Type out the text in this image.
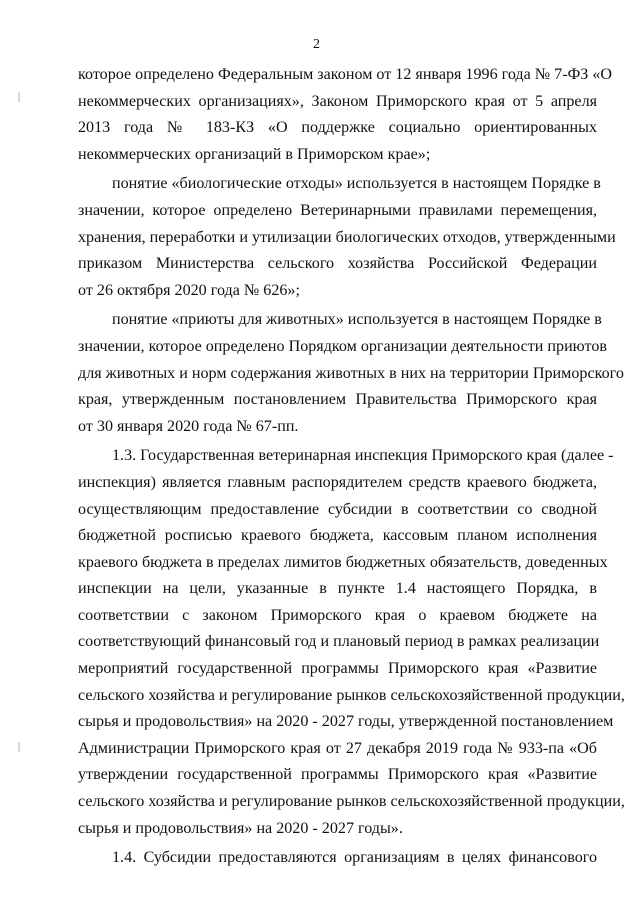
2
которое определено Федеральным законом от 12 января 1996 года № 7-ФЗ «О
некоммерческих организациях», Законом Приморского края от 5 апреля
2013 года № 183-КЗ «О поддержке социально ориентированных
некоммерческих организаций в Приморском крае»;
понятие «биологические отходы» используется в настоящем Порядке в
значении, которое определено Ветеринарными правилами перемещения,
хранения, переработки и утилизации биологических отходов, утвержденными
приказом Министерства сельского хозяйства Российской Федерации
от 26 октября 2020 года № 626»;
понятие «приюты для животных» используется в настоящем Порядке в
значении, которое определено Порядком организации деятельности приютов
для животных и норм содержания животных в них на территории Приморского
края, утвержденным постановлением Правительства Приморского края
от 30 января 2020 года № 67-пп.
1.3. Государственная ветеринарная инспекция Приморского края (далее -
инспекция) является главным распорядителем средств краевого бюджета,
осуществляющим предоставление субсидии в соответствии со сводной
бюджетной росписью краевого бюджета, кассовым планом исполнения
краевого бюджета в пределах лимитов бюджетных обязательств, доведенных
инспекции на цели, указанные в пункте 1.4 настоящего Порядка, в
соответствии с законом Приморского края о краевом бюджете на
соответствующий финансовый год и плановый период в рамках реализации
мероприятий государственной программы Приморского края «Развитие
сельского хозяйства и регулирование рынков сельскохозяйственной продукции,
сырья и продовольствия» на 2020 - 2027 годы, утвержденной постановлением
Администрации Приморского края от 27 декабря 2019 года № 933-па «Об
утверждении государственной программы Приморского края «Развитие
сельского хозяйства и регулирование рынков сельскохозяйственной продукции,
сырья и продовольствия» на 2020 - 2027 годы».
1.4. Субсидии предоставляются организациям в целях финансового
